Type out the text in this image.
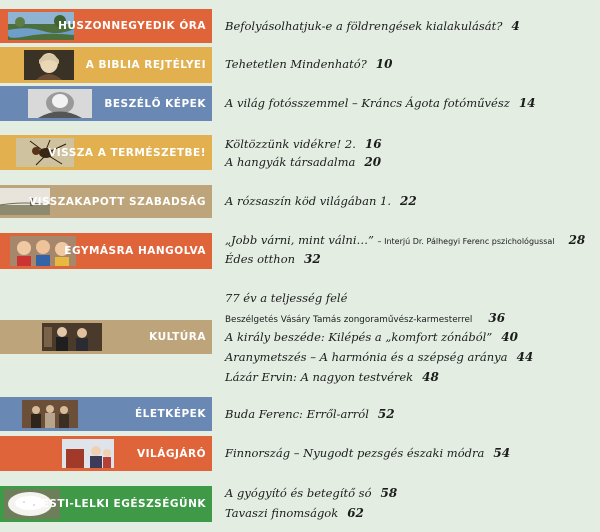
HUSZONNEGYEDIK ÓRA Befolyásolhatjuk-e a földrengések kialakulását? 4
A BIBLIA REJTÉLYEI Tehetetlen Mindenható? 10
BESZÉLŐ KÉPEK A világ fotósszemmel – Kráncs Ágota fotóművész 14
VISSZA A TERMÉSZETBE!
Költözzünk vidékre! 2. 16
A hangyák társadalma 20
VISSZAKAPOTT SZABADSÁG A rózsaszín köd világában 1. 22
EGYMÁSRA HANGOLVA
„Jobb várni, mint válni…” – Interjú Dr. Pálhegyi Ferenc pszichológussal 28
Édes otthon 32
KULTÚRA
77 év a teljesség felé
Beszélgetés Vásáry Tamás zongoraművész-karmesterrel 36
A király beszéde: Kilépés a „komfort zónából” 40
Aranymetszés – A harmónia és a szépség aránya 44
Lázár Ervin: A nagyon testvérek 48
ÉLETKÉPEK Buda Ferenc: Erről-arról 52
VILÁGJÁRÓ Finnország – Nyugodt pezsgés északi módra 54
TESTI-LELKI EGÉSZSÉGÜNK
A gyógyító és betegítő só 58
Tavaszi finomságok 62
